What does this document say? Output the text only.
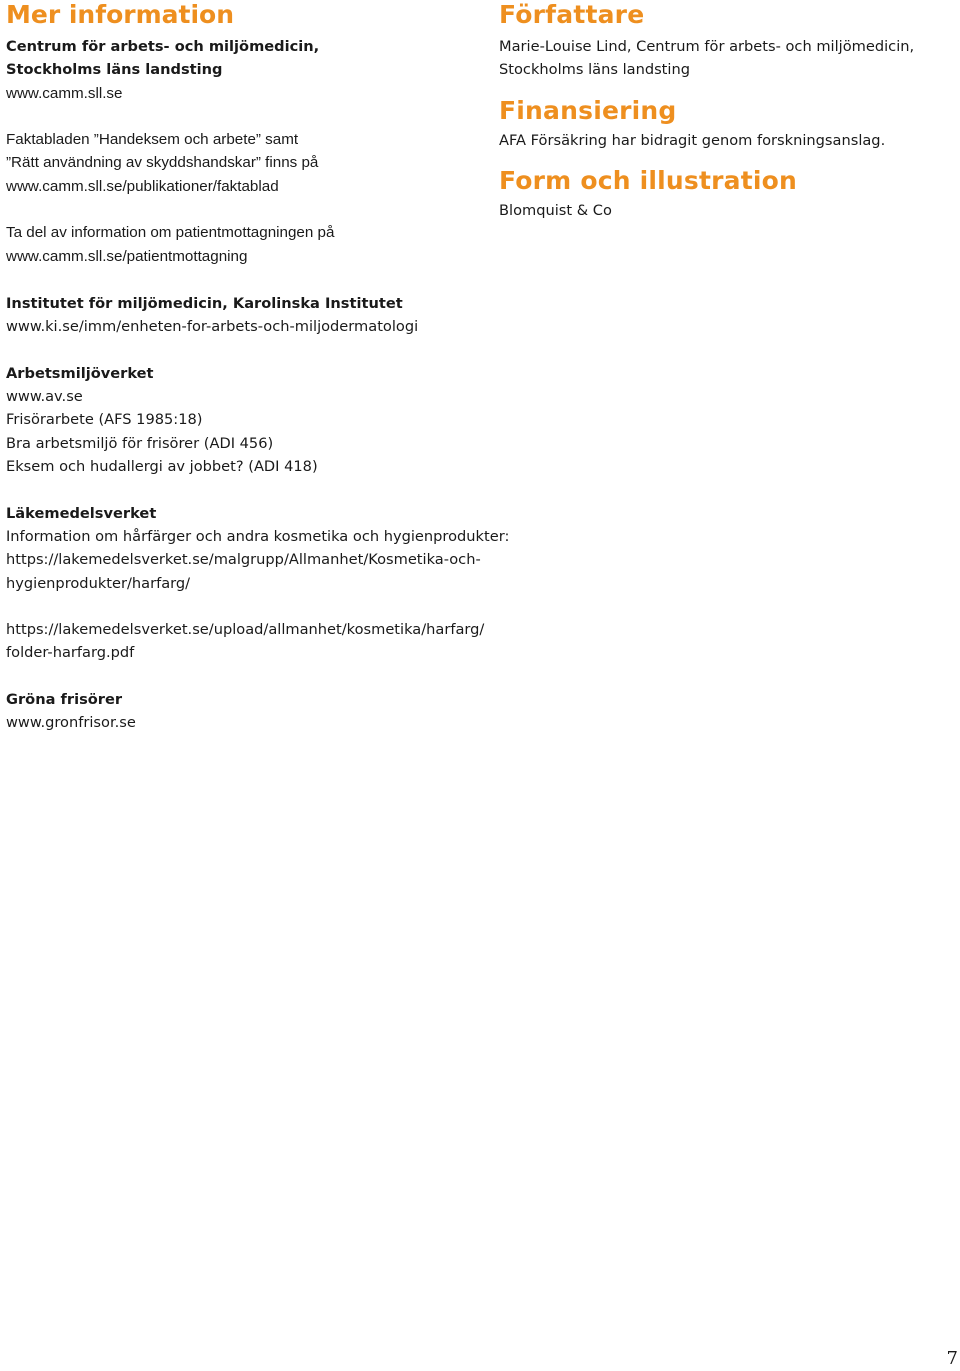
Mer information

Centrum för arbets- och miljömedicin,

Stockholms läns landsting

www.camm.sll.se

Faktabladen ”Handeksem och arbete” samt

”Rätt användning av skyddshandskar” finns på

www.camm.sll.se/publikationer/faktablad

Ta del av information om patientmottagningen på

www.camm.sll.se/patientmottagning

Författare

Marie-Louise Lind, Centrum för arbets- och miljömedicin,

Stockholms läns landsting

Finansiering

AFA Försäkring har bidragit genom forskningsanslag.

Form och illustration

Blomquist & Co

Institutet för miljömedicin, Karolinska Institutet

www.ki.se/imm/enheten-for-arbets-och-miljodermatologi

Arbetsmiljöverket

www.av.se

Frisörarbete (AFS 1985:18)

Bra arbetsmiljö för frisörer (ADI 456)

Eksem och hudallergi av jobbet? (ADI 418)

Läkemedelsverket

Information om hårfärger och andra kosmetika och hygienprodukter:

https://lakemedelsverket.se/malgrupp/Allmanhet/Kosmetika-och-

hygienprodukter/harfarg/

https://lakemedelsverket.se/upload/allmanhet/kosmetika/harfarg/

folder-harfarg.pdf

Gröna frisörer

www.gronfrisor.se

7
